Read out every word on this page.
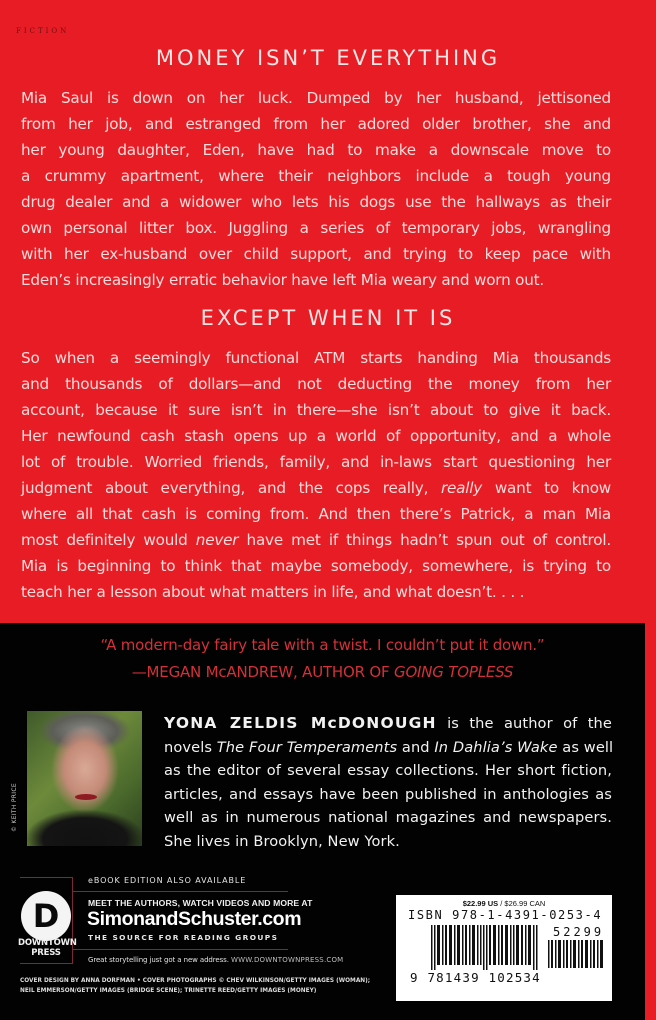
FICTION
MONEY ISN’T EVERYTHING
Mia Saul is down on her luck. Dumped by her husband, jettisoned
from her job, and estranged from her adored older brother, she and
her young daughter, Eden, have had to make a downscale move to
a crummy apartment, where their neighbors include a tough young
drug dealer and a widower who lets his dogs use the hallways as their
own personal litter box. Juggling a series of temporary jobs, wrangling
with her ex-husband over child support, and trying to keep pace with
Eden’s increasingly erratic behavior have left Mia weary and worn out.
EXCEPT WHEN IT IS
So when a seemingly functional ATM starts handing Mia thousands
and thousands of dollars—and not deducting the money from her
account, because it sure isn’t in there—she isn’t about to give it back.
Her newfound cash stash opens up a world of opportunity, and a whole
lot of trouble. Worried friends, family, and in-laws start questioning her
judgment about everything, and the cops really, really want to know
where all that cash is coming from. And then there’s Patrick, a man Mia
most definitely would never have met if things hadn’t spun out of control.
Mia is beginning to think that maybe somebody, somewhere, is trying to
teach her a lesson about what matters in life, and what doesn’t. . . .
“A modern-day fairy tale with a twist. I couldn’t put it down.”
—MEGAN McANDREW, AUTHOR OF GOING TOPLESS
© KEITH PRICE
YONA ZELDIS McDONOUGH is the author of the
novels The Four Temperaments and In Dahlia’s Wake as well
as the editor of several essay collections. Her short fiction,
articles, and essays have been published in anthologies as
well as in numerous national magazines and newspapers.
She lives in Brooklyn, New York.
D
DOWNTOWN
PRESS
eBOOK EDITION ALSO AVAILABLE
MEET THE AUTHORS, WATCH VIDEOS AND MORE AT
SimonandSchuster.com
THE SOURCE FOR READING GROUPS
Great storytelling just got a new address. WWW.DOWNTOWNPRESS.COM
COVER DESIGN BY ANNA DORFMAN • COVER PHOTOGRAPHS © CHEV WILKINSON/GETTY IMAGES (WOMAN);
NEIL EMMERSON/GETTY IMAGES (BRIDGE SCENE); TRINETTE REED/GETTY IMAGES (MONEY)
$22.99 US / $26.99 CAN
ISBN 978-1-4391-0253-4
52299
9 781439 102534
